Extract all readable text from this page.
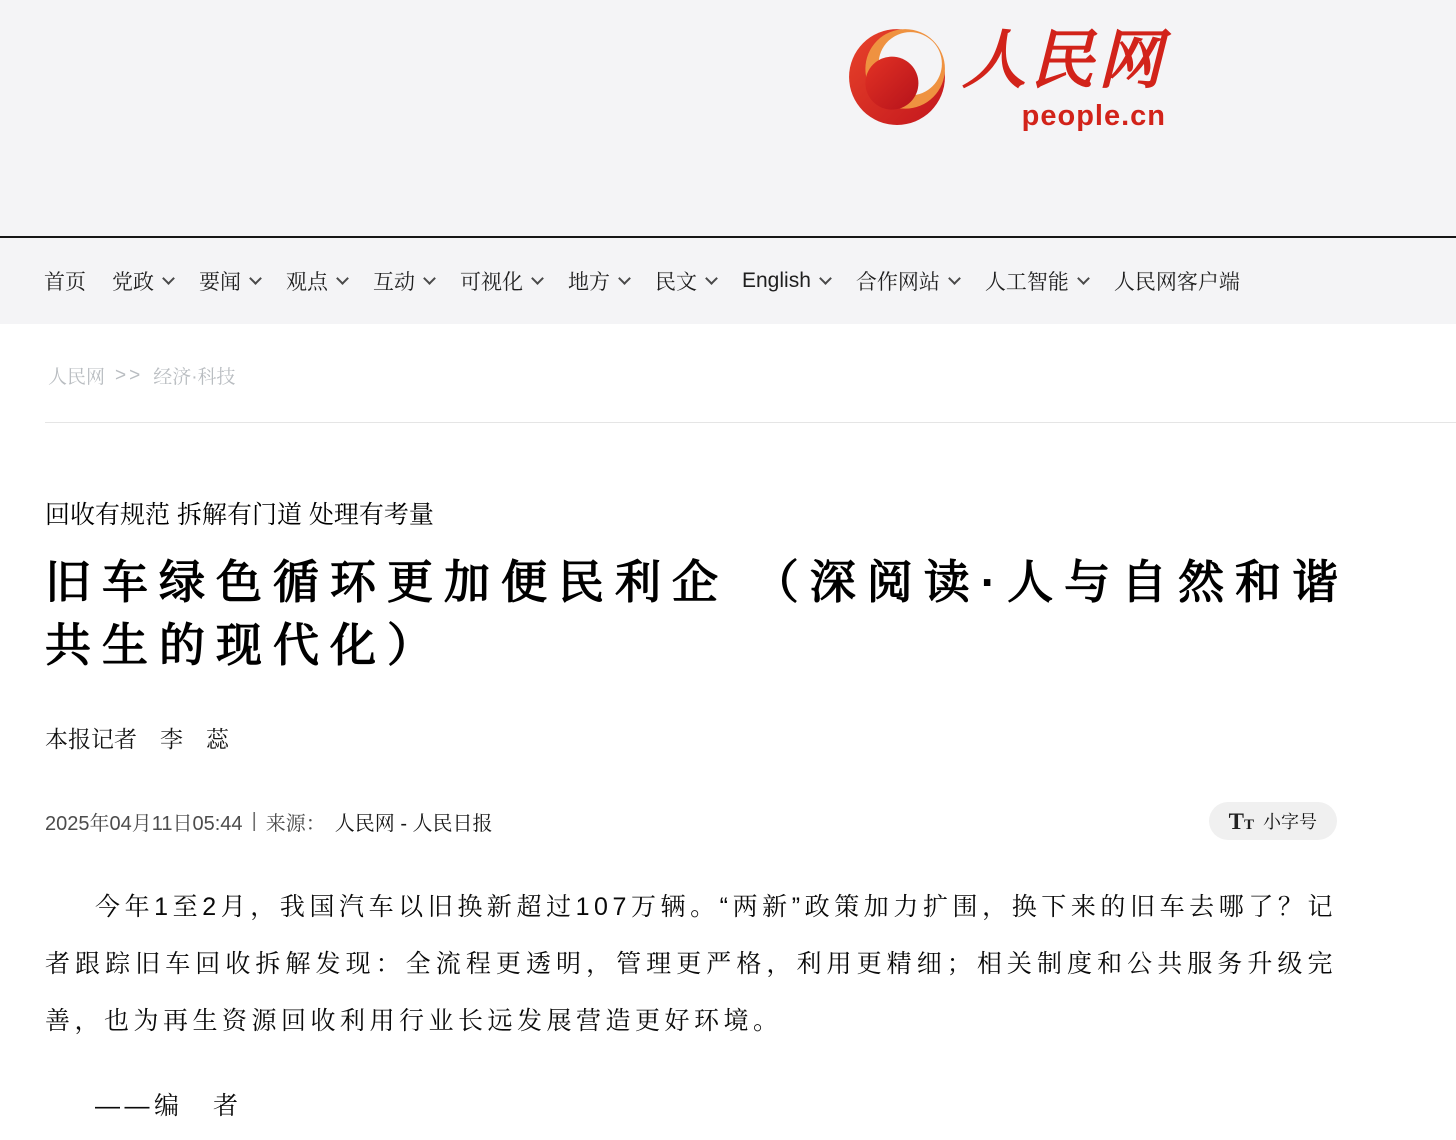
人民网
people.cn
首页 党政 要闻 观点 互动 可视化 地方 民文 English 合作网站 人工智能 人民网客户端
人民网 >> 经济·科技
回收有规范 拆解有门道 处理有考量
旧车绿色循环更加便民利企 （深阅读·人与自然和谐共生的现代化）
本报记者　李　蕊
2025年04月11日05:44 | 来源： 人民网 - 人民日报	T T 小字号

今年1至2月，我国汽车以旧换新超过107万辆。“两新”政策加力扩围，换下来的旧车去哪了？记者跟踪旧车回收拆解发现：全流程更透明，管理更严格，利用更精细；相关制度和公共服务升级完善，也为再生资源回收利用行业长远发展营造更好环境。

——编　者
